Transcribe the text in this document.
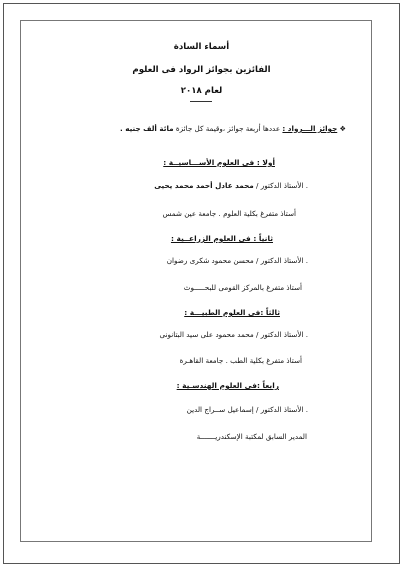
أسماء السادة
الفائزين بجوائز الرواد فى العلوم
لعام ٢٠١٨
❖ جوائز الـــرواد : عددها أربعة جوائز ،وقيمة كل جائزة مائة ألف جنيه .
أولا : فى العلوم الأســـاسيــة :
. الأستاذ الدكتور / محمد عادل أحمد محمد يحيى
أستاذ متفرغ بكلية العلوم . جامعة عين شمس
ثانياً : فى العلوم الزراعــية :
. الأستاذ الدكتور / محسن محمود شكرى رضوان
أستاذ متفرغ بالمركز القومى للبحـــــوث
ثالثاً :فى العلوم الطبيـــة :
. الأستاذ الدكتور / محمد محمود على سيد البتانونى
أستاذ متفرغ بكلية الطب . جامعة القاهـرة
رابعاً :فى العلوم الهندسـية :
. الأستاذ الدكتور / إسماعيل ســراج الدين
المدير السابق لمكتبة الإسكندريـــــــة
